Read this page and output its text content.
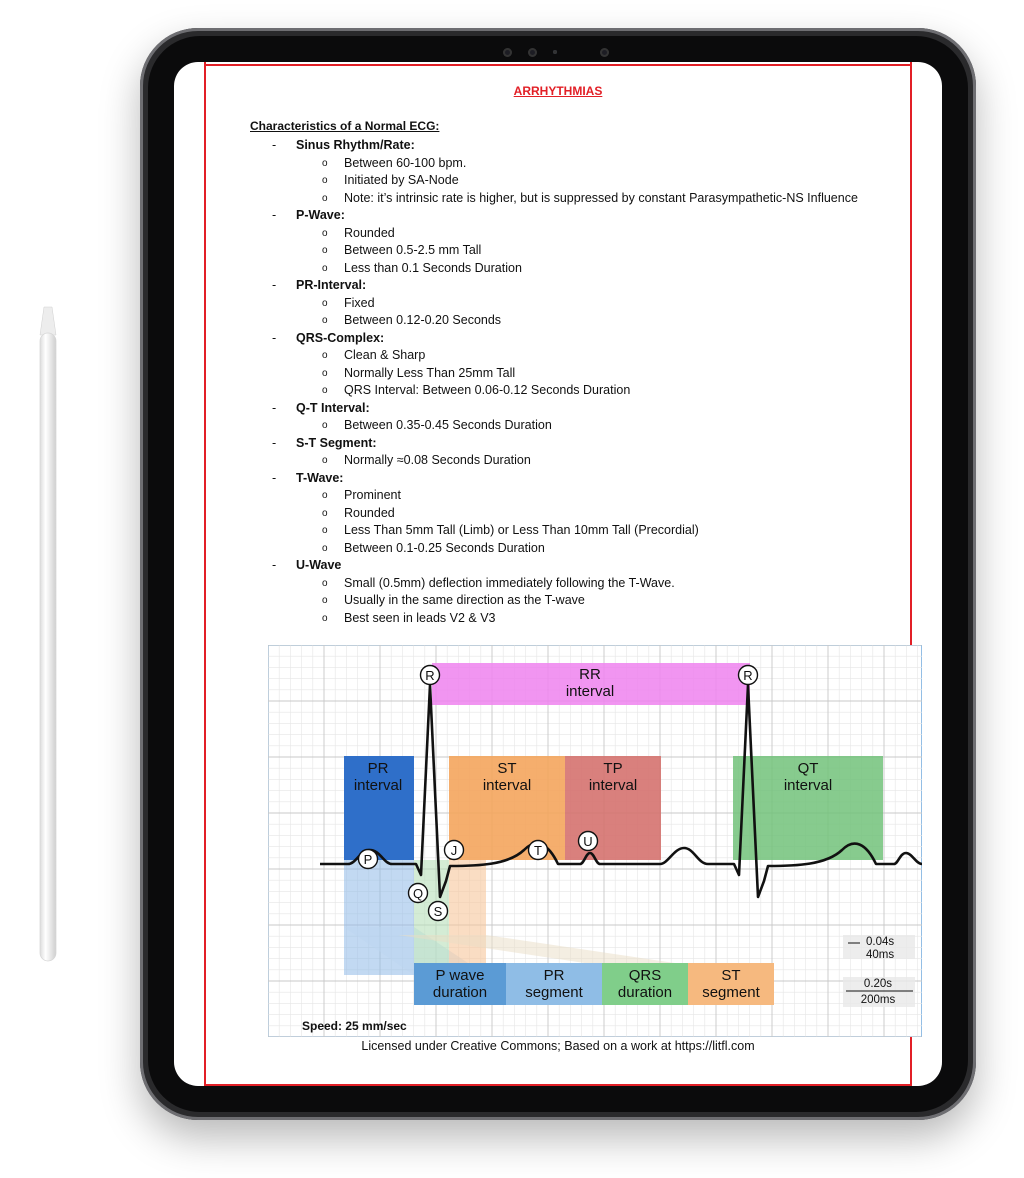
ARRHYTHMIAS
Characteristics of a Normal ECG:
- Sinus Rhythm/Rate:
o Between 60-100 bpm.
o Initiated by SA-Node
o Note: it’s intrinsic rate is higher, but is suppressed by constant Parasympathetic-NS Influence
- P-Wave:
o Rounded
o Between 0.5-2.5 mm Tall
o Less than 0.1 Seconds Duration
- PR-Interval:
o Fixed
o Between 0.12-0.20 Seconds
- QRS-Complex:
o Clean & Sharp
o Normally Less Than 25mm Tall
o QRS Interval: Between 0.06-0.12 Seconds Duration
- Q-T Interval:
o Between 0.35-0.45 Seconds Duration
- S-T Segment:
o Normally ≈0.08 Seconds Duration
- T-Wave:
o Prominent
o Rounded
o Less Than 5mm Tall (Limb) or Less Than 10mm Tall (Precordial)
o Between 0.1-0.25 Seconds Duration
- U-Wave
o Small (0.5mm) deflection immediately following the T-Wave.
o Usually in the same direction as the T-wave
o Best seen in leads V2 & V3
RR
interval
PR
interval
ST
interval
TP
interval
QT
interval
P wave
duration
PR
segment
QRS
duration
ST
segment
R	R
P
Q
S
J	T
U
0.04s
40ms
0.20s
200ms
Speed: 25 mm/sec
Licensed under Creative Commons; Based on a work at https://litfl.com
